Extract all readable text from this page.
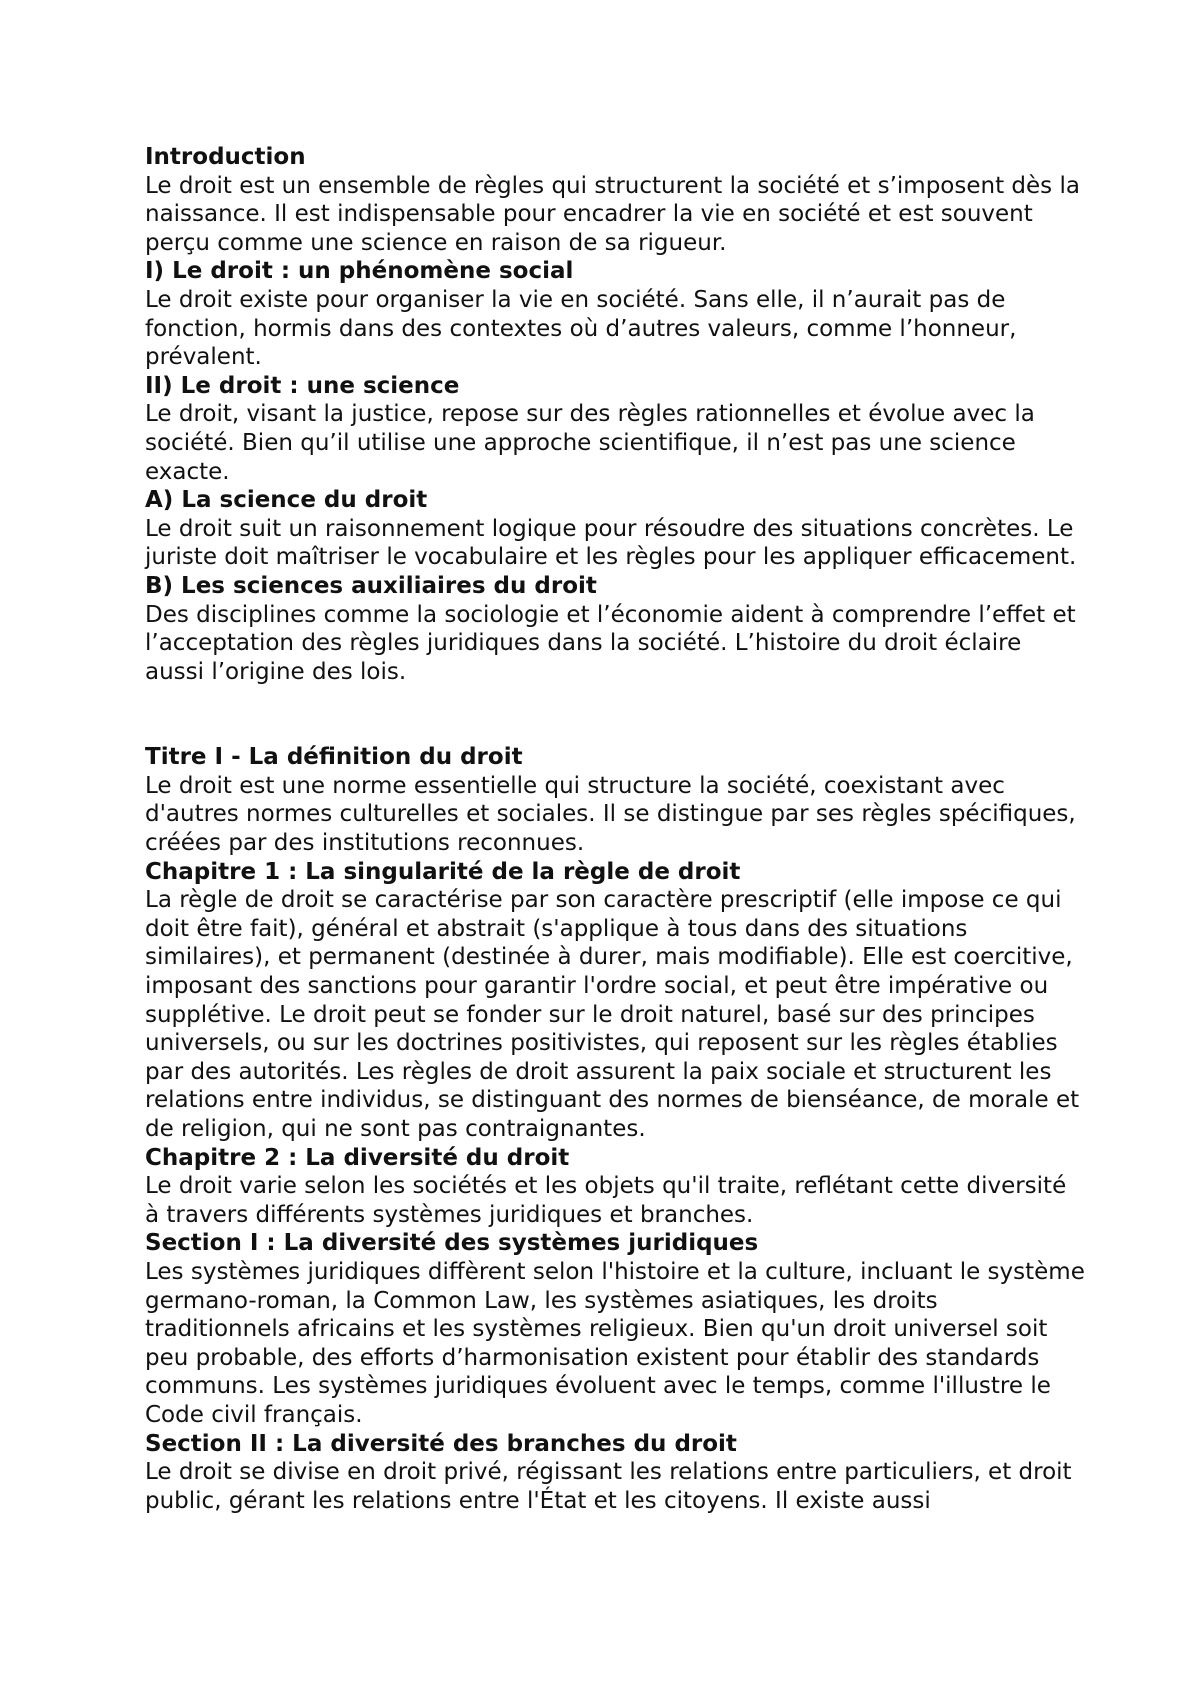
Introduction

Le droit est un ensemble de règles qui structurent la société et s’imposent dès la naissance. Il est indispensable pour encadrer la vie en société et est souvent perçu comme une science en raison de sa rigueur.

I) Le droit : un phénomène social

Le droit existe pour organiser la vie en société. Sans elle, il n’aurait pas de fonction, hormis dans des contextes où d’autres valeurs, comme l’honneur, prévalent.

II) Le droit : une science

Le droit, visant la justice, repose sur des règles rationnelles et évolue avec la société. Bien qu’il utilise une approche scientifique, il n’est pas une science exacte.

A) La science du droit

Le droit suit un raisonnement logique pour résoudre des situations concrètes. Le juriste doit maîtriser le vocabulaire et les règles pour les appliquer efficacement.

B) Les sciences auxiliaires du droit

Des disciplines comme la sociologie et l’économie aident à comprendre l’effet et l’acceptation des règles juridiques dans la société. L’histoire du droit éclaire aussi l’origine des lois.

Titre I - La définition du droit

Le droit est une norme essentielle qui structure la société, coexistant avec d'autres normes culturelles et sociales. Il se distingue par ses règles spécifiques, créées par des institutions reconnues.

Chapitre 1 : La singularité de la règle de droit

La règle de droit se caractérise par son caractère prescriptif (elle impose ce qui doit être fait), général et abstrait (s'applique à tous dans des situations similaires), et permanent (destinée à durer, mais modifiable). Elle est coercitive, imposant des sanctions pour garantir l'ordre social, et peut être impérative ou supplétive. Le droit peut se fonder sur le droit naturel, basé sur des principes universels, ou sur les doctrines positivistes, qui reposent sur les règles établies par des autorités. Les règles de droit assurent la paix sociale et structurent les relations entre individus, se distinguant des normes de bienséance, de morale et de religion, qui ne sont pas contraignantes.

Chapitre 2 : La diversité du droit

Le droit varie selon les sociétés et les objets qu'il traite, reflétant cette diversité à travers différents systèmes juridiques et branches.

Section I : La diversité des systèmes juridiques

Les systèmes juridiques diffèrent selon l'histoire et la culture, incluant le système germano-roman, la Common Law, les systèmes asiatiques, les droits traditionnels africains et les systèmes religieux. Bien qu'un droit universel soit peu probable, des efforts d’harmonisation existent pour établir des standards communs. Les systèmes juridiques évoluent avec le temps, comme l'illustre le Code civil français.

Section II : La diversité des branches du droit

Le droit se divise en droit privé, régissant les relations entre particuliers, et droit public, gérant les relations entre l'État et les citoyens. Il existe aussi
